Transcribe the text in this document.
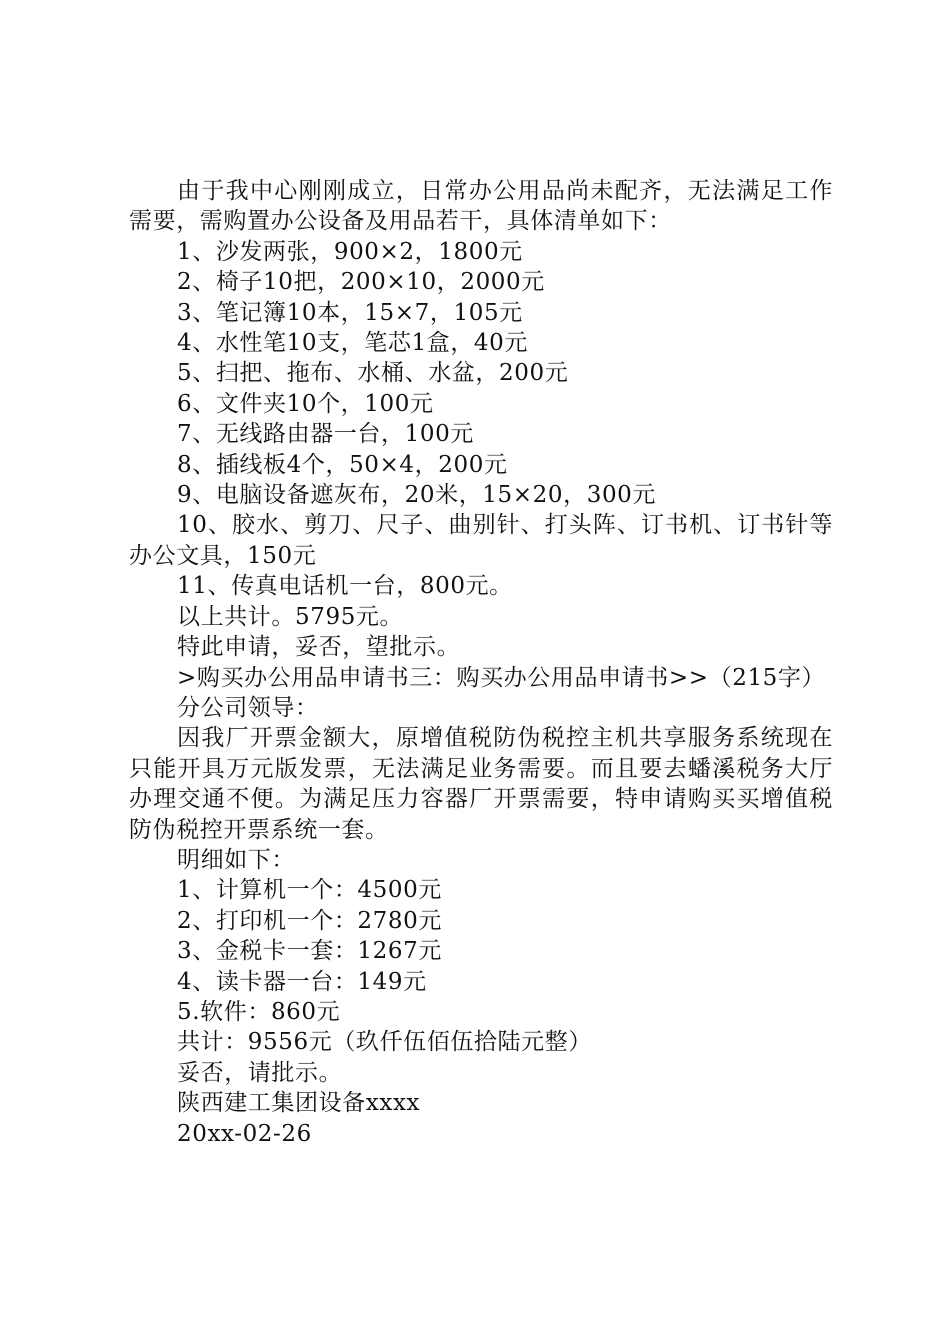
由于我中心刚刚成立，日常办公用品尚未配齐，无法满足工作需要，需购置办公设备及用品若干，具体清单如下：

1、沙发两张，900×2，1800元

2、椅子10把，200×10，2000元

3、笔记簿10本，15×7，105元

4、水性笔10支，笔芯1盒，40元

5、扫把、拖布、水桶、水盆，200元

6、文件夹10个，100元

7、无线路由器一台，100元

8、插线板4个，50×4，200元

9、电脑设备遮灰布，20米，15×20，300元

10、胶水、剪刀、尺子、曲别针、打头阵、订书机、订书针等办公文具，150元

11、传真电话机一台，800元。

以上共计。5795元。

特此申请，妥否，望批示。

>购买办公用品申请书三：购买办公用品申请书>>（215字）

分公司领导：

因我厂开票金额大，原增值税防伪税控主机共享服务系统现在只能开具万元版发票，无法满足业务需要。而且要去蟠溪税务大厅办理交通不便。为满足压力容器厂开票需要，特申请购买买增值税防伪税控开票系统一套。

明细如下：

1、计算机一个：4500元

2、打印机一个：2780元

3、金税卡一套：1267元

4、读卡器一台：149元

5.软件：860元

共计：9556元（玖仟伍佰伍拾陆元整）

妥否，请批示。

陕西建工集团设备xxxx

20xx-02-26
